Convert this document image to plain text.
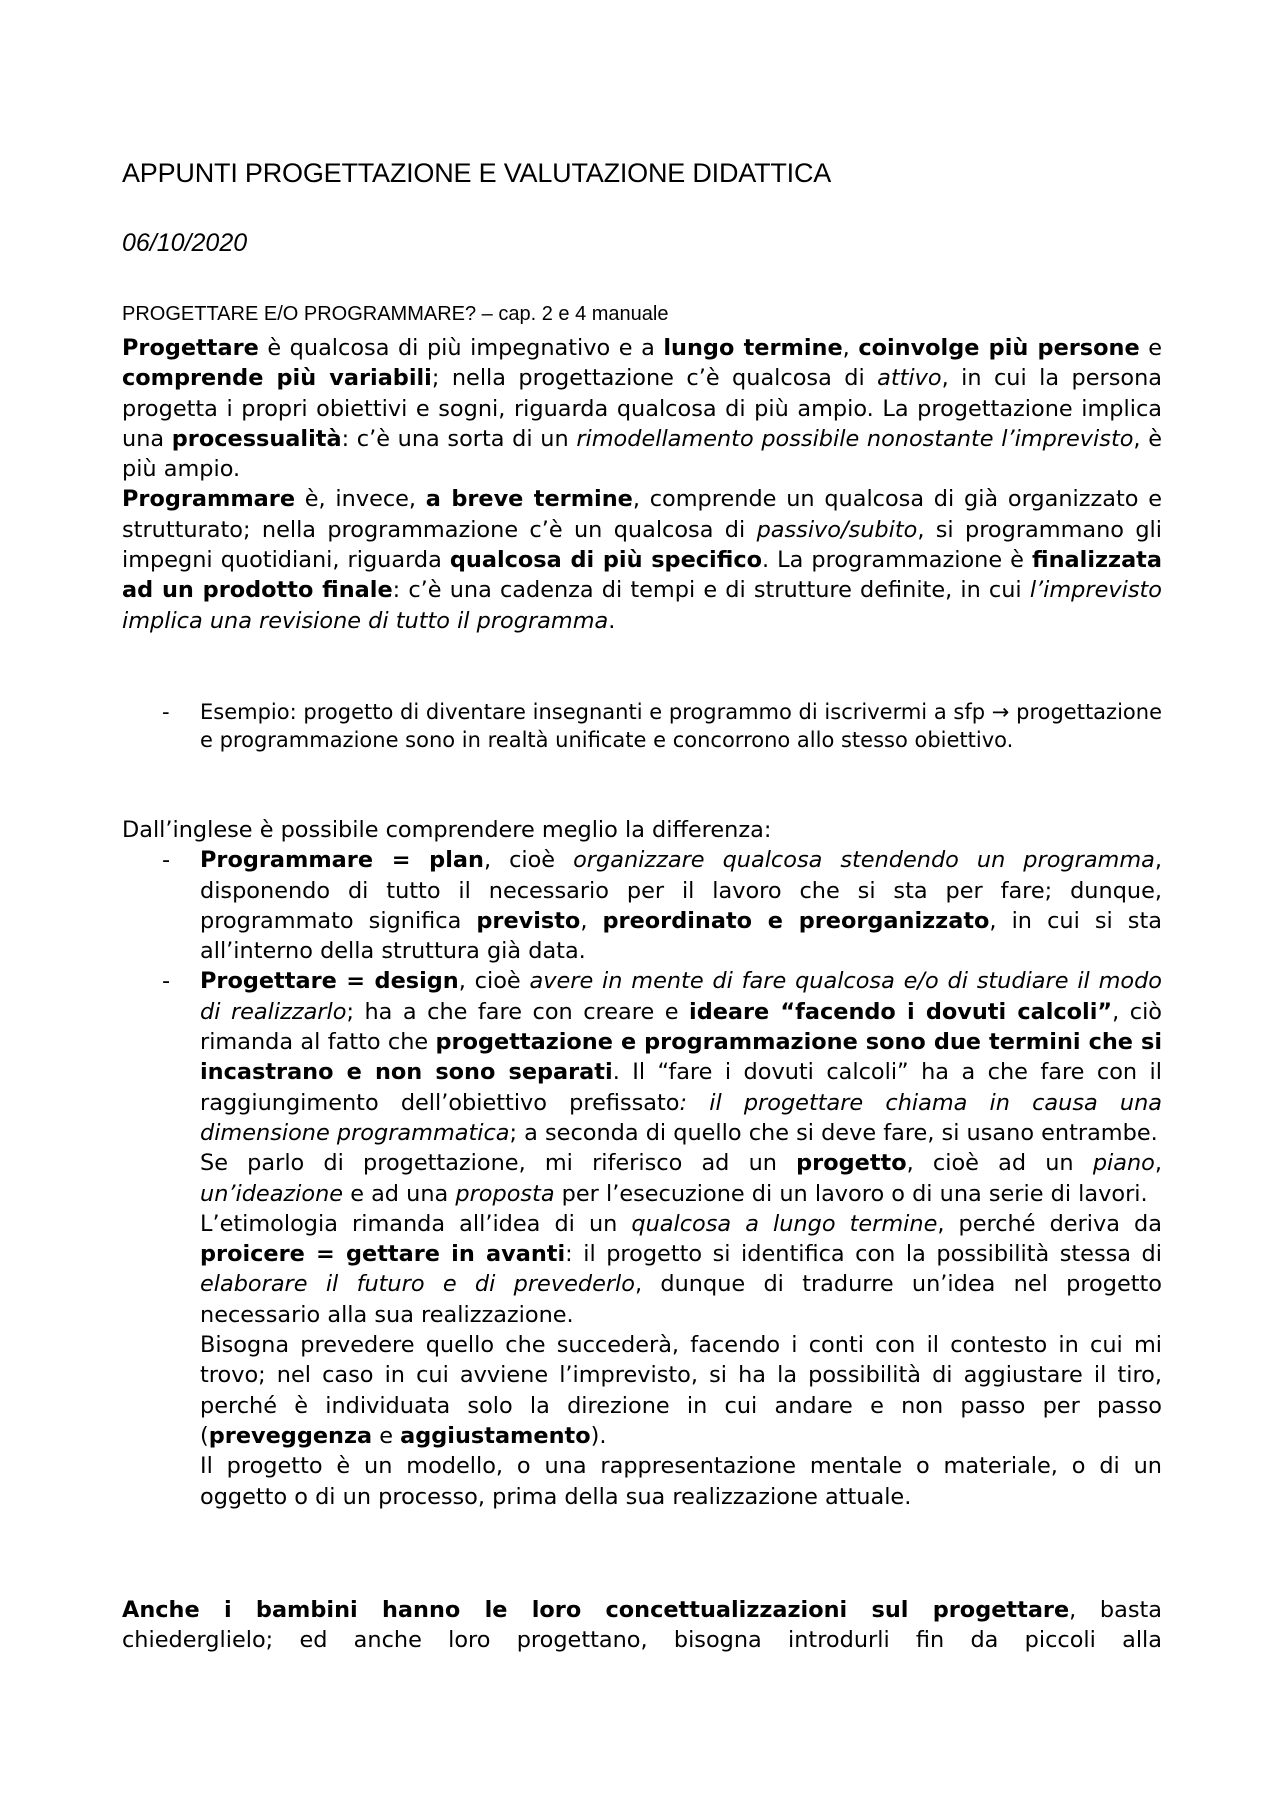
APPUNTI PROGETTAZIONE E VALUTAZIONE DIDATTICA

06/10/2020

PROGETTARE E/O PROGRAMMARE? – cap. 2 e 4 manuale

Progettare è qualcosa di più impegnativo e a lungo termine, coinvolge più persone e comprende più variabili; nella progettazione c’è qualcosa di attivo, in cui la persona progetta i propri obiettivi e sogni, riguarda qualcosa di più ampio. La progettazione implica una processualità: c’è una sorta di un rimodellamento possibile nonostante l’imprevisto, è più ampio.

Programmare è, invece, a breve termine, comprende un qualcosa di già organizzato e strutturato; nella programmazione c’è un qualcosa di passivo/subito, si programmano gli impegni quotidiani, riguarda qualcosa di più specifico. La programmazione è finalizzata ad un prodotto finale: c’è una cadenza di tempi e di strutture definite, in cui l’imprevisto implica una revisione di tutto il programma.

- Esempio: progetto di diventare insegnanti e programmo di iscrivermi a sfp → progettazione e programmazione sono in realtà unificate e concorrono allo stesso obiettivo.

Dall’inglese è possibile comprendere meglio la differenza:

- Programmare = plan, cioè organizzare qualcosa stendendo un programma, disponendo di tutto il necessario per il lavoro che si sta per fare; dunque, programmato significa previsto, preordinato e preorganizzato, in cui si sta all’interno della struttura già data.
- Progettare = design, cioè avere in mente di fare qualcosa e/o di studiare il modo di realizzarlo; ha a che fare con creare e ideare “facendo i dovuti calcoli”, ciò rimanda al fatto che progettazione e programmazione sono due termini che si incastrano e non sono separati. Il “fare i dovuti calcoli” ha a che fare con il raggiungimento dell’obiettivo prefissato: il progettare chiama in causa una dimensione programmatica; a seconda di quello che si deve fare, si usano entrambe.

Se parlo di progettazione, mi riferisco ad un progetto, cioè ad un piano, un’ideazione e ad una proposta per l’esecuzione di un lavoro o di una serie di lavori.

L’etimologia rimanda all’idea di un qualcosa a lungo termine, perché deriva da proicere = gettare in avanti: il progetto si identifica con la possibilità stessa di elaborare il futuro e di prevederlo, dunque di tradurre un’idea nel progetto necessario alla sua realizzazione.

Bisogna prevedere quello che succederà, facendo i conti con il contesto in cui mi trovo; nel caso in cui avviene l’imprevisto, si ha la possibilità di aggiustare il tiro, perché è individuata solo la direzione in cui andare e non passo per passo (preveggenza e aggiustamento).

Il progetto è un modello, o una rappresentazione mentale o materiale, o di un oggetto o di un processo, prima della sua realizzazione attuale.

Anche i bambini hanno le loro concettualizzazioni sul progettare, basta chiederglielo; ed anche loro progettano, bisogna introdurli fin da piccoli alla
